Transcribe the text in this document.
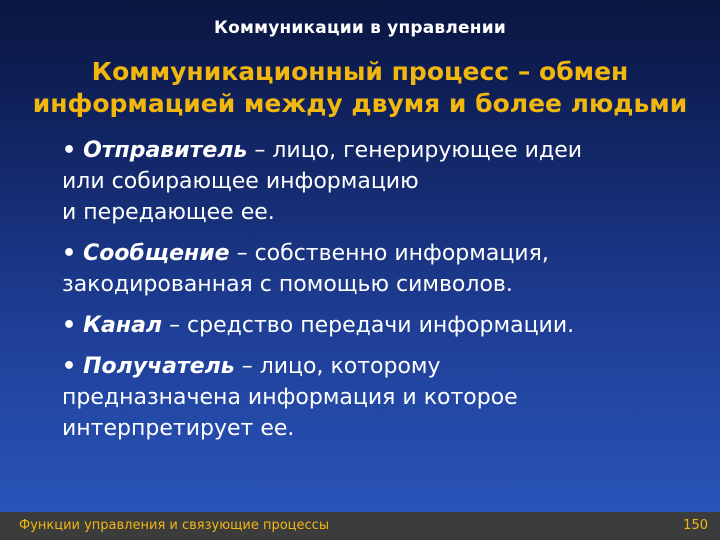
Коммуникации в управлении
Коммуникационный процесс – обмен информацией между двумя и более людьми
• Отправитель – лицо, генерирующее идеи
или собирающее информацию
и передающее ее.
• Сообщение – собственно информация,
закодированная с помощью символов.
• Канал – средство передачи информации.
• Получатель – лицо, которому
предназначена информация и которое
интерпретирует ее.
Функции управления и связующие процессы	150
